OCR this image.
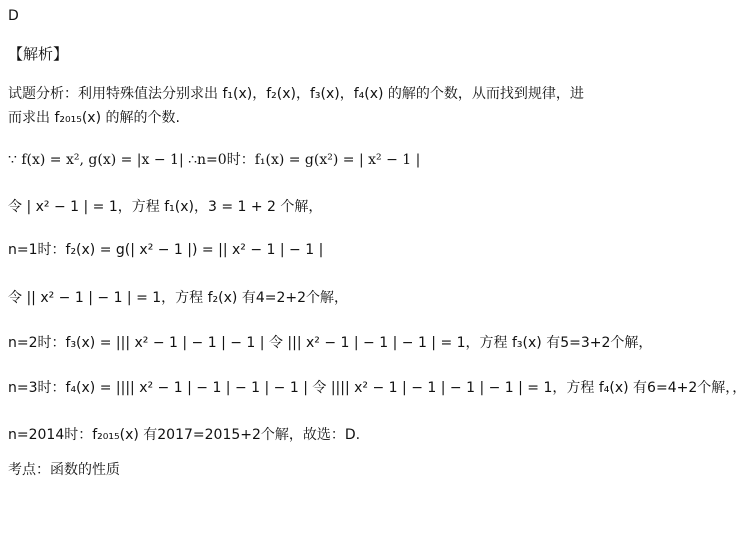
D
【解析】
试题分析：利用特殊值法分别求出 f₁(x)，f₂(x)，f₃(x)，f₄(x) 的解的个数，从而找到规律，进
而求出 f₂₀₁₅(x) 的解的个数.
∵ f(x) = x², g(x) = |x − 1| ∴n=0时：f₁(x) = g(x²) = | x² − 1 |
令 | x² − 1 | = 1，方程 f₁(x)，3 = 1 + 2 个解，
n=1时：f₂(x) = g(| x² − 1 |) = || x² − 1 | − 1 |
令 || x² − 1 | − 1 | = 1，方程 f₂(x) 有4=2+2个解，
n=2时：f₃(x) = ||| x² − 1 | − 1 | − 1 | 令 ||| x² − 1 | − 1 | − 1 | = 1，方程 f₃(x) 有5=3+2个解，
n=3时：f₄(x) = |||| x² − 1 | − 1 | − 1 | − 1 | 令 |||| x² − 1 | − 1 | − 1 | − 1 | = 1，方程 f₄(x) 有6=4+2个解，，
n=2014时：f₂₀₁₅(x) 有2017=2015+2个解，故选：D.
考点：函数的性质
